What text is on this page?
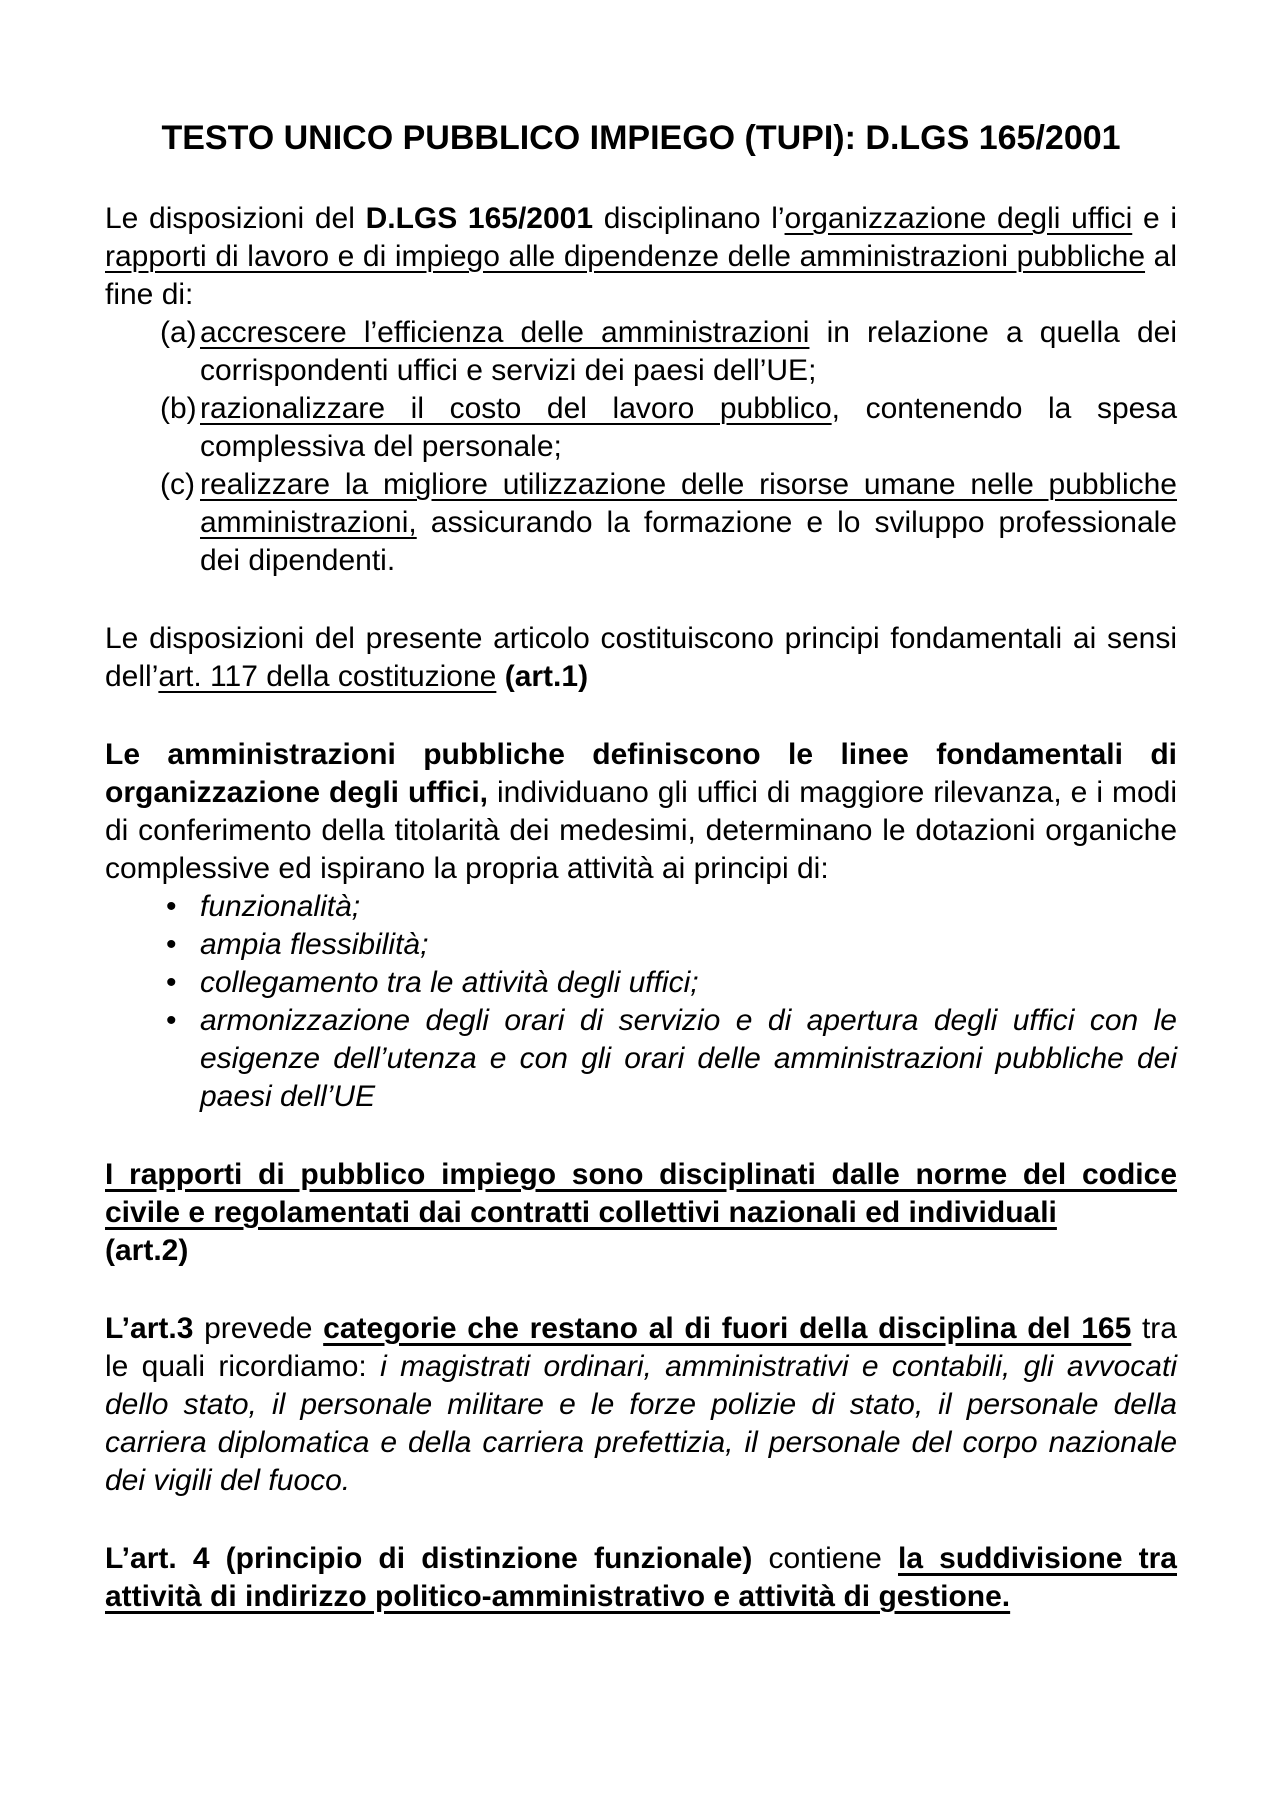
TESTO UNICO PUBBLICO IMPIEGO (TUPI): D.LGS 165/2001
Le disposizioni del D.LGS 165/2001 disciplinano l’organizzazione degli uffici e i rapporti di lavoro e di impiego alle dipendenze delle amministrazioni pubbliche al fine di:
(a) accrescere l’efficienza delle amministrazioni in relazione a quella dei corrispondenti uffici e servizi dei paesi dell’UE;
(b) razionalizzare il costo del lavoro pubblico, contenendo la spesa complessiva del personale;
(c) realizzare la migliore utilizzazione delle risorse umane nelle pubbliche amministrazioni, assicurando la formazione e lo sviluppo professionale dei dipendenti.
Le disposizioni del presente articolo costituiscono principi fondamentali ai sensi dell’art. 117 della costituzione (art.1)
Le amministrazioni pubbliche definiscono le linee fondamentali di organizzazione degli uffici, individuano gli uffici di maggiore rilevanza, e i modi di conferimento della titolarità dei medesimi, determinano le dotazioni organiche complessive ed ispirano la propria attività ai principi di:
• funzionalità;
• ampia flessibilità;
• collegamento tra le attività degli uffici;
• armonizzazione degli orari di servizio e di apertura degli uffici con le esigenze dell’utenza e con gli orari delle amministrazioni pubbliche dei paesi dell’UE
I rapporti di pubblico impiego sono disciplinati dalle norme del codice civile e regolamentati dai contratti collettivi nazionali ed individuali
(art.2)
L’art.3 prevede categorie che restano al di fuori della disciplina del 165 tra le quali ricordiamo: i magistrati ordinari, amministrativi e contabili, gli avvocati dello stato, il personale militare e le forze polizie di stato, il personale della carriera diplomatica e della carriera prefettizia, il personale del corpo nazionale dei vigili del fuoco.
L’art. 4 (principio di distinzione funzionale) contiene la suddivisione tra attività di indirizzo politico-amministrativo e attività di gestione.
